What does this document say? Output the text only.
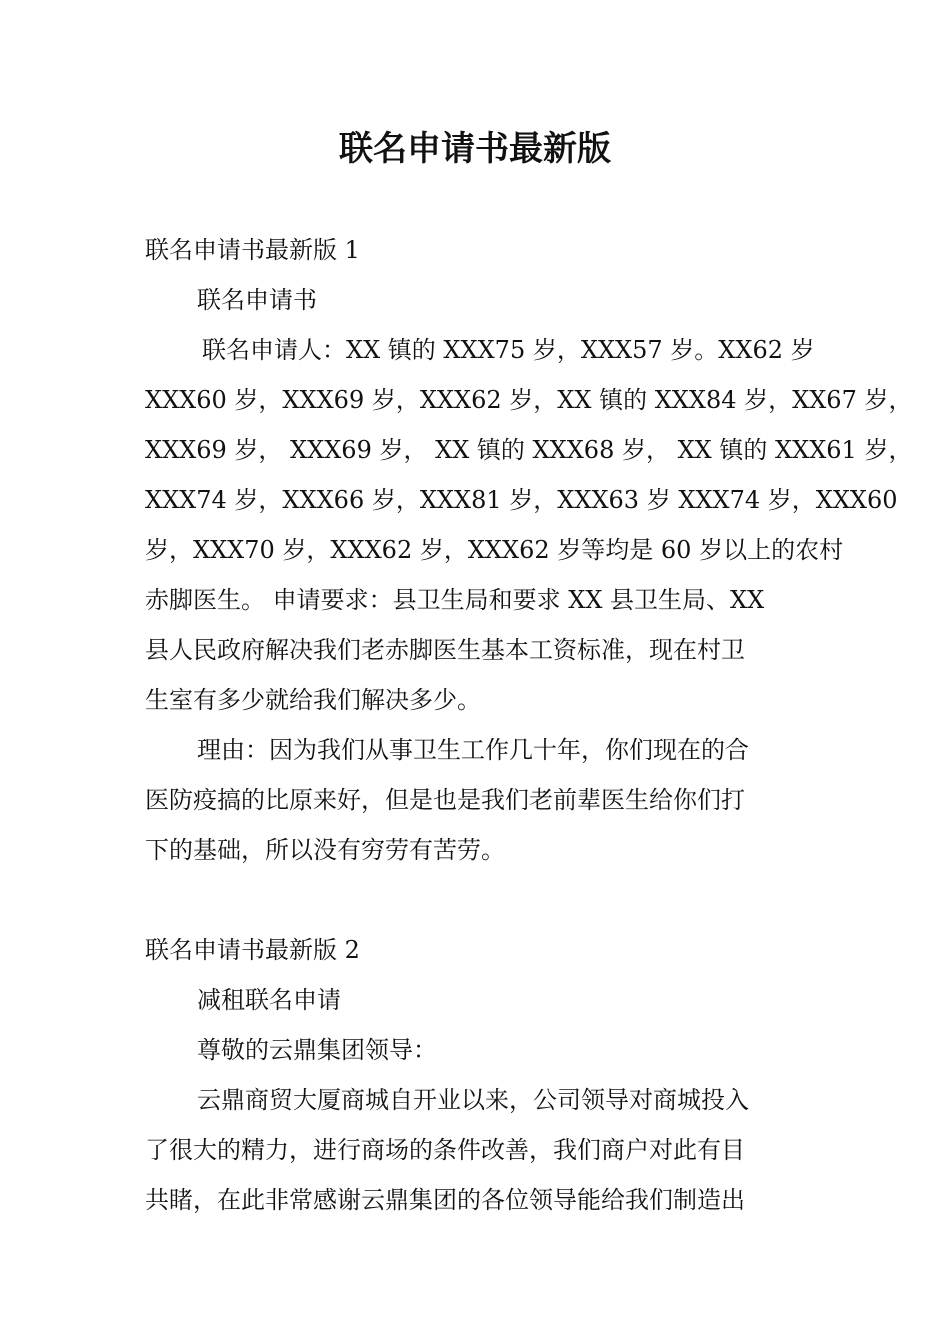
联名申请书最新版
联名申请书最新版 1
联名申请书
联名申请人：XX 镇的 XXX75 岁，XXX57 岁。XX62 岁
XXX60 岁，XXX69 岁，XXX62 岁，XX 镇的 XXX84 岁，XX67 岁，
XXX69 岁， XXX69 岁， XX 镇的 XXX68 岁， XX 镇的 XXX61 岁，
XXX74 岁，XXX66 岁，XXX81 岁，XXX63 岁 XXX74 岁，XXX60
岁，XXX70 岁，XXX62 岁，XXX62 岁等均是 60 岁以上的农村
赤脚医生。 申请要求：县卫生局和要求 XX 县卫生局、XX
县人民政府解决我们老赤脚医生基本工资标准，现在村卫
生室有多少就给我们解决多少。
理由：因为我们从事卫生工作几十年，你们现在的合
医防疫搞的比原来好，但是也是我们老前辈医生给你们打
下的基础，所以没有穷劳有苦劳。
联名申请书最新版 2
减租联名申请
尊敬的云鼎集团领导：
云鼎商贸大厦商城自开业以来，公司领导对商城投入
了很大的精力，进行商场的条件改善，我们商户对此有目
共睹，在此非常感谢云鼎集团的各位领导能给我们制造出
